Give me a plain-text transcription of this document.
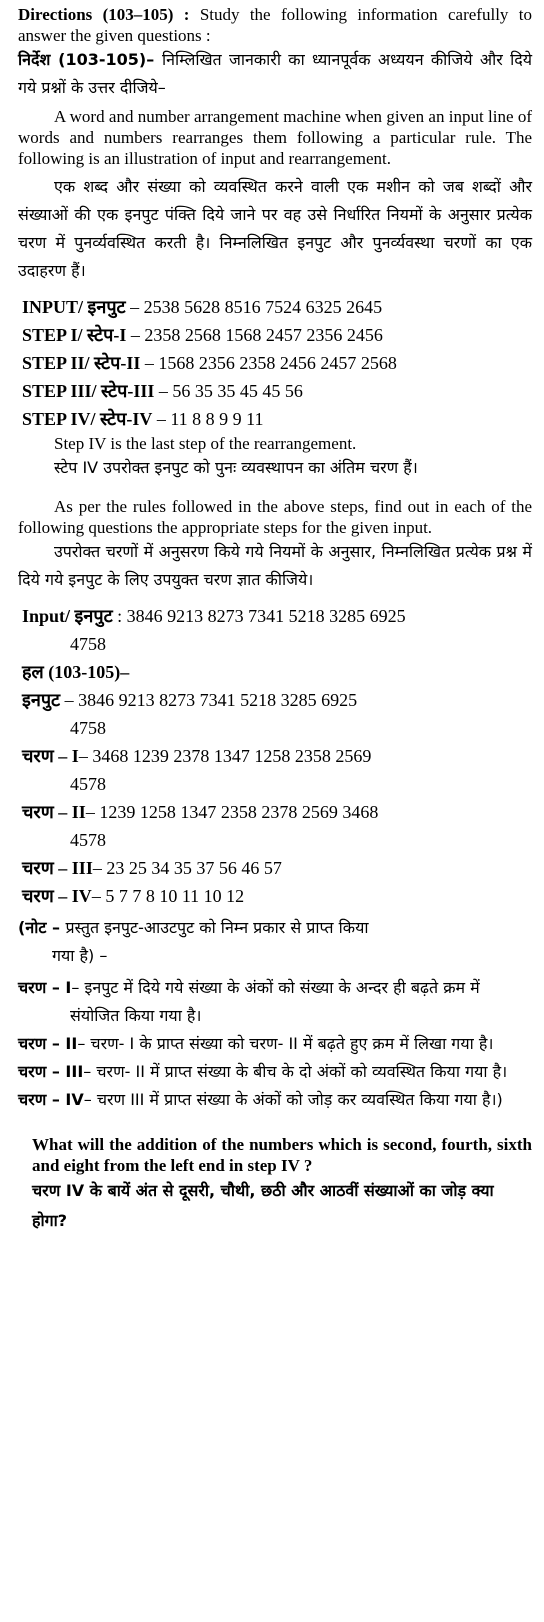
Directions (103–105) : Study the following information carefully to answer the given questions :

निर्देश (103-105)– निम्लिखित जानकारी का ध्यानपूर्वक अध्ययन कीजिये और दिये गये प्रश्नों के उत्तर दीजिये–

A word and number arrangement machine when given an input line of words and numbers rearranges them following a particular rule. The following is an illustration of input and rearrangement.

एक शब्द और संख्या को व्यवस्थित करने वाली एक मशीन को जब शब्दों और संख्याओं की एक इनपुट पंक्ति दिये जाने पर वह उसे निर्धारित नियमों के अनुसार प्रत्येक चरण में पुनर्व्यवस्थित करती है। निम्नलिखित इनपुट और पुनर्व्यवस्था चरणों का एक उदाहरण हैं।

INPUT/ इनपुट – 2538 5628 8516 7524 6325 2645

STEP I/ स्टेप-I – 2358 2568 1568 2457 2356 2456

STEP II/ स्टेप-II – 1568 2356 2358 2456 2457 2568

STEP III/ स्टेप-III – 56 35 35 45 45 56

STEP IV/ स्टेप-IV – 11 8 8 9 9 11

Step IV is the last step of the rearrangement.

स्टेप IV उपरोक्त इनपुट को पुनः व्यवस्थापन का अंतिम चरण हैं।

As per the rules followed in the above steps, find out in each of the following questions the appropriate steps for the given input.

उपरोक्त चरणों में अनुसरण किये गये नियमों के अनुसार, निम्नलिखित प्रत्येक प्रश्न में दिये गये इनपुट के लिए उपयुक्त चरण ज्ञात कीजिये।

Input/ इनपुट : 3846 9213 8273 7341 5218 3285 6925

4758

हल (103-105)–

इनपुट – 3846 9213 8273 7341 5218 3285 6925

4758

चरण – I– 3468 1239 2378 1347 1258 2358 2569

4578

चरण – II– 1239 1258 1347 2358 2378 2569 3468

4578

चरण – III– 23 25 34 35 37 56 46 57

चरण – IV– 5 7 7 8 10 11 10 12

(नोट – प्रस्तुत इनपुट-आउटपुट को निम्न प्रकार से प्राप्त किया

गया है) –

चरण – I– इनपुट में दिये गये संख्या के अंकों को संख्या के अन्दर ही बढ़ते क्रम में संयोजित किया गया है।

चरण – II– चरण- I के प्राप्त संख्या को चरण- II में बढ़ते हुए क्रम में लिखा गया है।

चरण – III– चरण- II में प्राप्त संख्या के बीच के दो अंकों को व्यवस्थित किया गया है।

चरण – IV– चरण III में प्राप्त संख्या के अंकों को जोड़ कर व्यवस्थित किया गया है।)

What will the addition of the numbers which is second, fourth, sixth and eight from the left end in step IV ?

चरण IV के बायें अंत से दूसरी, चौथी, छठी और आठवीं संख्याओं का जोड़ क्या होगा?
